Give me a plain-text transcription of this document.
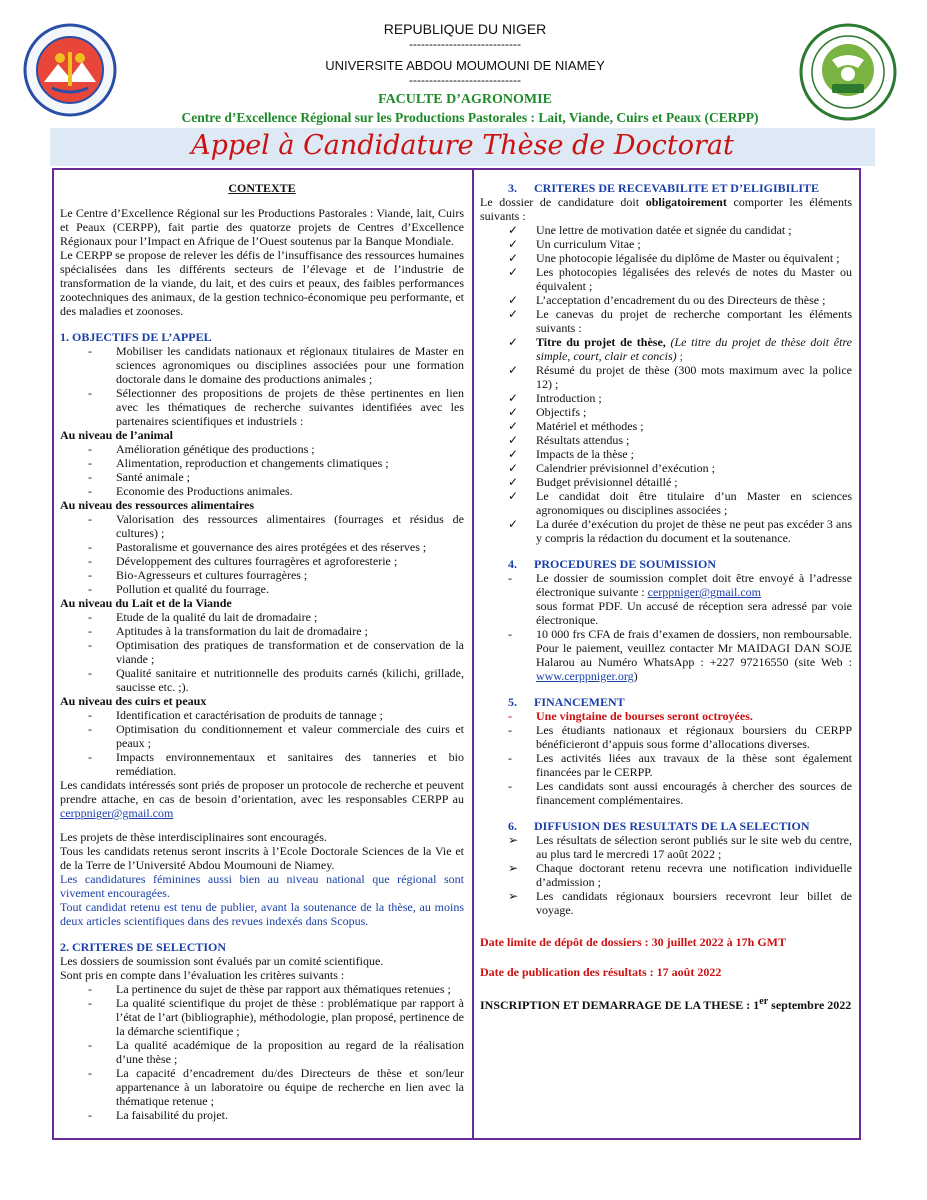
REPUBLIQUE DU NIGER
----------------------------
UNIVERSITE ABDOU MOUMOUNI DE NIAMEY
----------------------------
FACULTE D’AGRONOMIE
Centre d’Excellence Régional sur les Productions Pastorales : Lait, Viande, Cuirs et Peaux (CERPP)
Appel à Candidature Thèse de Doctorat

CONTEXTE

Le Centre d’Excellence Régional sur les Productions Pastorales : Viande, lait, Cuirs et Peaux (CERPP), fait partie des quatorze projets de Centres d’Excellence Régionaux pour l’Impact en Afrique de l’Ouest soutenus par la Banque Mondiale.

Le CERPP se propose de relever les défis de l’insuffisance des ressources humaines spécialisées dans les différents secteurs de l’élevage et de l’industrie de transformation de la viande, du lait, et des cuirs et peaux, des faibles performances zootechniques des animaux, de la gestion technico-économique peu performante, et des maladies et zoonoses.

1. OBJECTIFS DE L’APPEL

- Mobiliser les candidats nationaux et régionaux titulaires de Master en sciences agronomiques ou disciplines associées pour une formation doctorale dans le domaine des productions animales ;
- Sélectionner des propositions de projets de thèse pertinentes en lien avec les thématiques de recherche suivantes identifiées avec les partenaires scientifiques et industriels :

Au niveau de l’animal

- Amélioration génétique des productions ;
- Alimentation, reproduction et changements climatiques ;
- Santé animale ;
- Economie des Productions animales.

Au niveau des ressources alimentaires

- Valorisation des ressources alimentaires (fourrages et résidus de cultures) ;
- Pastoralisme et gouvernance des aires protégées et des réserves ;
- Développement des cultures fourragères et agroforesterie ;
- Bio-Agresseurs et cultures fourragères ;
- Pollution et qualité du fourrage.

Au niveau du Lait et de la Viande

- Etude de la qualité du lait de dromadaire ;
- Aptitudes à la transformation du lait de dromadaire ;
- Optimisation des pratiques de transformation et de conservation de la viande ;
- Qualité sanitaire et nutritionnelle des produits carnés (kilichi, grillade, saucisse etc. ;).

Au niveau des cuirs et peaux

- Identification et caractérisation de produits de tannage ;
- Optimisation du conditionnement et valeur commerciale des cuirs et peaux ;
- Impacts environnementaux et sanitaires des tanneries et bio remédiation.

Les candidats intéressés sont priés de proposer un protocole de recherche et peuvent prendre attache, en cas de besoin d’orientation, avec les responsables CERPP au cerppniger@gmail.com

Les projets de thèse interdisciplinaires sont encouragés.

Tous les candidats retenus seront inscrits à l’Ecole Doctorale Sciences de la Vie et de la Terre de l’Université Abdou Moumouni de Niamey.

Les candidatures féminines aussi bien au niveau national que régional sont vivement encouragées.

Tout candidat retenu est tenu de publier, avant la soutenance de la thèse, au moins deux articles scientifiques dans des revues indexés dans Scopus.

2. CRITERES DE SELECTION

Les dossiers de soumission sont évalués par un comité scientifique.

Sont pris en compte dans l’évaluation les critères suivants :

- La pertinence du sujet de thèse par rapport aux thématiques retenues ;
- La qualité scientifique du projet de thèse : problématique par rapport à l’état de l’art (bibliographie), méthodologie, plan proposé, pertinence de la démarche scientifique ;
- La qualité académique de la proposition au regard de la réalisation d’une thèse ;
- La capacité d’encadrement du/des Directeurs de thèse et son/leur appartenance à un laboratoire ou équipe de recherche en lien avec la thématique retenue ;
- La faisabilité du projet.

3. CRITERES DE RECEVABILITE ET D’ELIGIBILITE

Le dossier de candidature doit obligatoirement comporter les éléments suivants :

✓ Une lettre de motivation datée et signée du candidat ;
✓ Un curriculum Vitae ;
✓ Une photocopie légalisée du diplôme de Master ou équivalent ;
✓ Les photocopies légalisées des relevés de notes du Master ou équivalent ;
✓ L’acceptation d’encadrement du ou des Directeurs de thèse ;
✓ Le canevas du projet de recherche comportant les éléments suivants :
✓ Titre du projet de thèse, (Le titre du projet de thèse doit être simple, court, clair et concis) ;
✓ Résumé du projet de thèse (300 mots maximum avec la police 12) ;
✓ Introduction ;
✓ Objectifs ;
✓ Matériel et méthodes ;
✓ Résultats attendus ;
✓ Impacts de la thèse ;
✓ Calendrier prévisionnel d’exécution ;
✓ Budget prévisionnel détaillé ;
✓ Le candidat doit être titulaire d’un Master en sciences agronomiques ou disciplines associées ;
✓ La durée d’exécution du projet de thèse ne peut pas excéder 3 ans y compris la rédaction du document et la soutenance.

4. PROCEDURES DE SOUMISSION

- Le dossier de soumission complet doit être envoyé à l’adresse électronique suivante : cerppniger@gmail.com
sous format PDF. Un accusé de réception sera adressé par voie électronique.
- 10 000 frs CFA de frais d’examen de dossiers, non remboursable. Pour le paiement, veuillez contacter Mr MAIDAGI DAN SOJE Halarou au Numéro WhatsApp : +227 97216550 (site Web : www.cerppniger.org)

5. FINANCEMENT

- Une vingtaine de bourses seront octroyées.
- Les étudiants nationaux et régionaux boursiers du CERPP bénéficieront d’appuis sous forme d’allocations diverses.
- Les activités liées aux travaux de la thèse sont également financées par le CERPP.
- Les candidats sont aussi encouragés à chercher des sources de financement complémentaires.

6. DIFFUSION DES RESULTATS DE LA SELECTION

➢ Les résultats de sélection seront publiés sur le site web du centre, au plus tard le mercredi 17 août 2022 ;
➢ Chaque doctorant retenu recevra une notification individuelle d’admission ;
➢ Les candidats régionaux boursiers recevront leur billet de voyage.

Date limite de dépôt de dossiers : 30 juillet 2022 à 17h GMT

Date de publication des résultats : 17 août 2022

INSCRIPTION ET DEMARRAGE DE LA THESE : 1er septembre 2022
